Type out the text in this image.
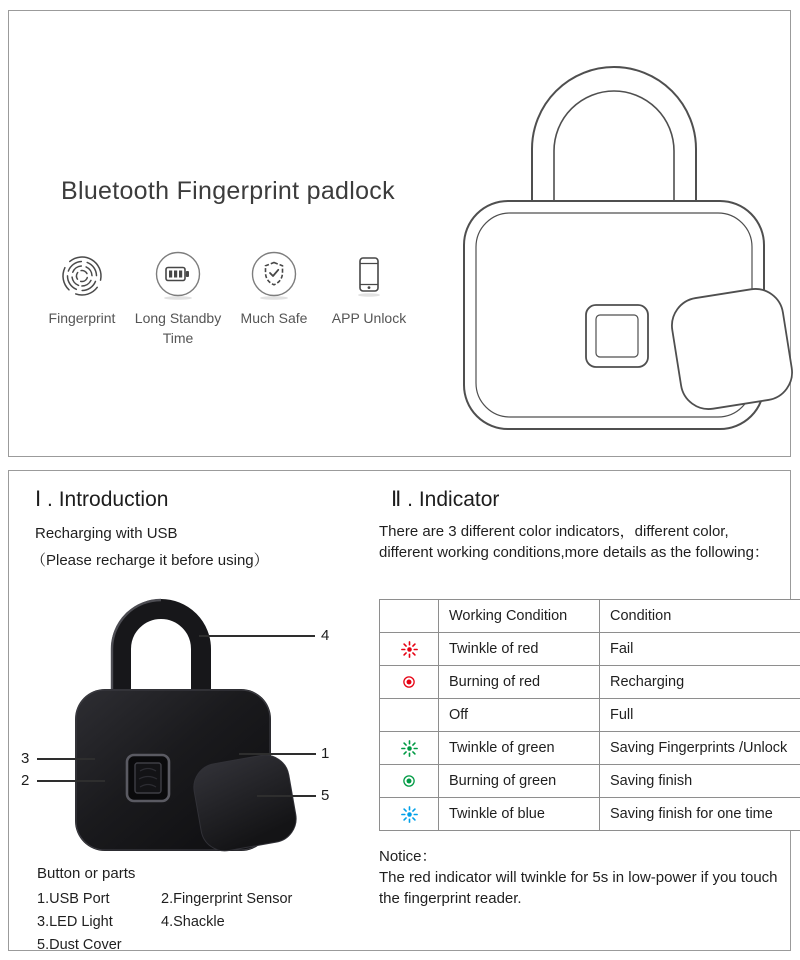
Bluetooth Fingerprint padlock
Fingerprint	Long Standby Time
Much Safe	APP Unlock
Ⅰ . Introduction
Recharging with USB
（Please recharge it before using）
4
1
3
2
5
Button or parts
1.USB Port	2.Fingerprint Sensor
3.LED Light	4.Shackle
5.Dust Cover
Ⅱ . Indicator
There are 3 different color indicators，different color, different working conditions,more details as the following：
	Working Condition	Condition
	Twinkle of red	Fail
	Burning of red	Recharging
	Off	Full
	Twinkle of green	Saving Fingerprints /Unlock
	Burning of green	Saving finish
	Twinkle of blue	Saving finish for one time
Notice：
The red indicator will twinkle for 5s in low-power if you touch the fingerprint reader.
